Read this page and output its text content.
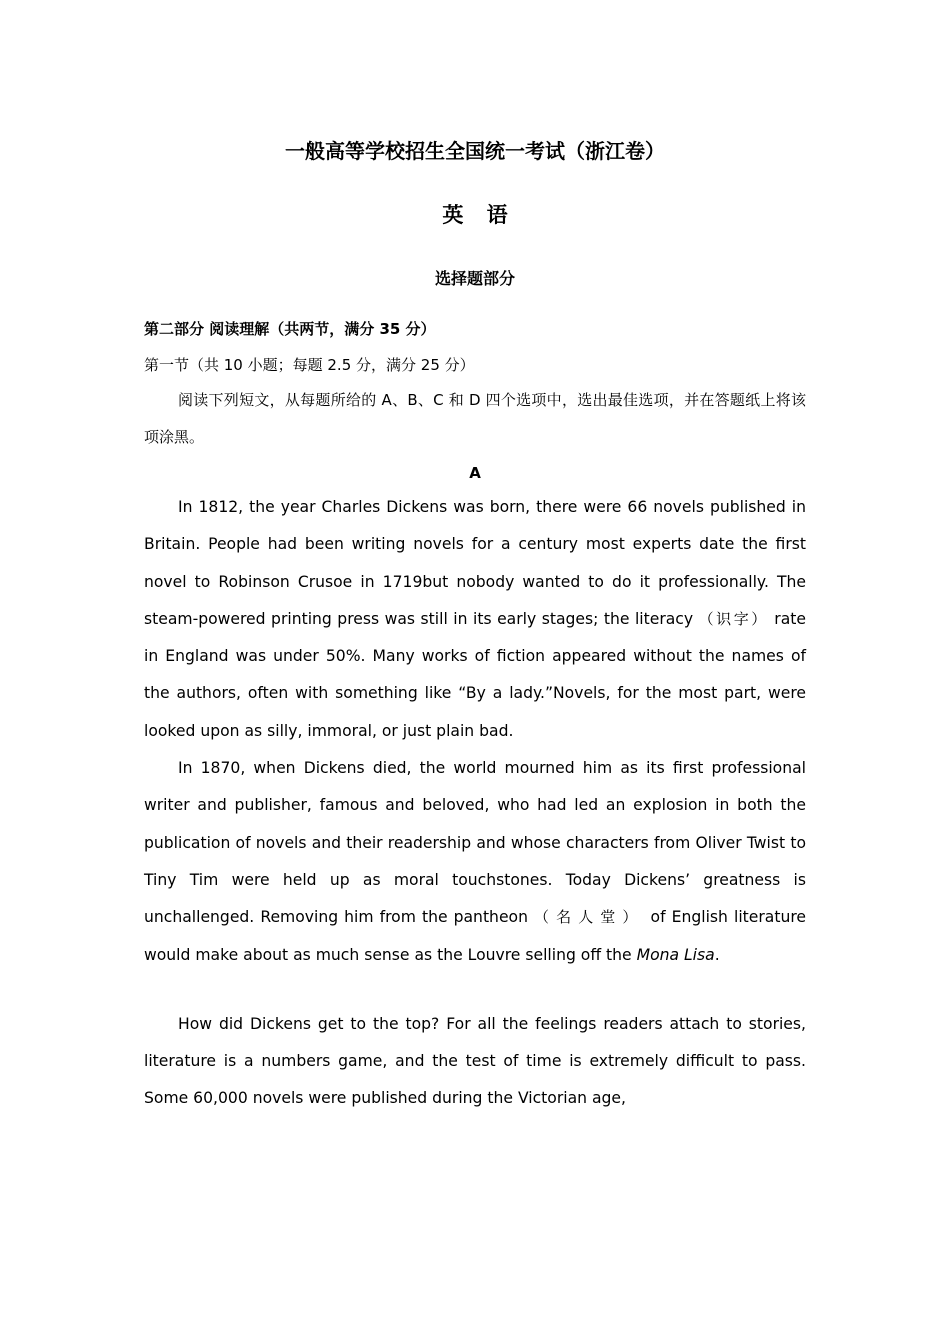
一般高等学校招生全国统一考试（浙江卷）
英 语
选择题部分
第二部分 阅读理解（共两节，满分 35 分）
第一节（共 10 小题；每题 2.5 分，满分 25 分）
阅读下列短文，从每题所给的 A、B、C 和 D 四个选项中，选出最佳选项，并在答题纸上将该项涂黑。
A

In 1812, the year Charles Dickens was born, there were 66 novels published in Britain. People had been writing novels for a century most experts date the first novel to Robinson Crusoe in 1719but nobody wanted to do it professionally. The steam-powered printing press was still in its early stages; the literacy （识字） rate in England was under 50%. Many works of fiction appeared without the names of the authors, often with something like “By a lady.”Novels, for the most part, were looked upon as silly, immoral, or just plain bad.

In 1870, when Dickens died, the world mourned him as its first professional writer and publisher, famous and beloved, who had led an explosion in both the publication of novels and their readership and whose characters from Oliver Twist to Tiny Tim were held up as moral touchstones. Today Dickens’ greatness is unchallenged. Removing him from the pantheon （名人堂） of English literature would make about as much sense as the Louvre selling off the Mona Lisa.

How did Dickens get to the top? For all the feelings readers attach to stories, literature is a numbers game, and the test of time is extremely difficult to pass. Some 60,000 novels were published during the Victorian age,
